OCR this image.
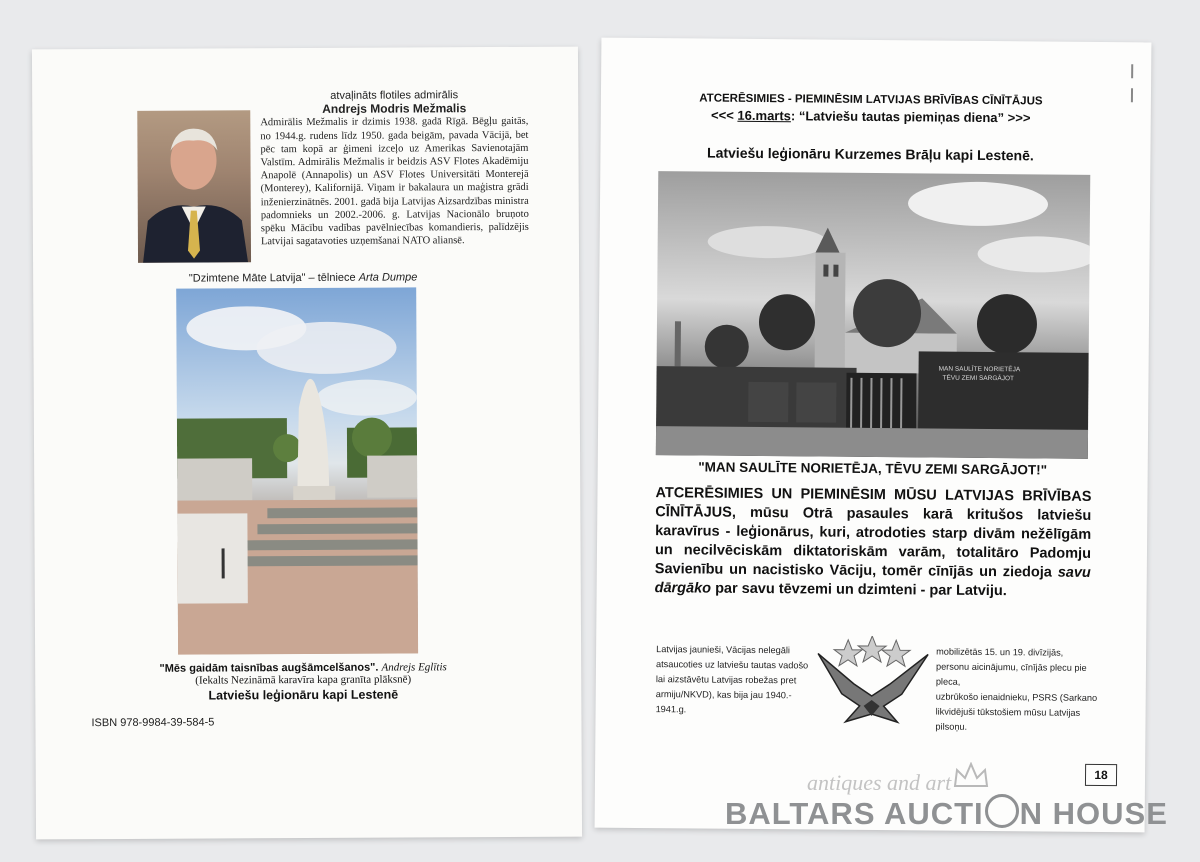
atvaļināts flotiles admirālis
Andrejs Modris Mežmalis
Admirālis Mežmalis ir dzimis 1938. gadā Rīgā. Bēgļu gaitās, no 1944.g. rudens līdz 1950. gada beigām, pavada Vācijā, bet pēc tam kopā ar ģimeni izceļo uz Amerikas Savienotajām Valstīm. Admirālis Mežmalis ir beidzis ASV Flotes Akadēmiju Anapolē (Annapolis) un ASV Flotes Universitāti Monterejā (Monterey), Kalifornijā. Viņam ir bakalaura un maģistra grādi inženierzinātnēs. 2001. gadā bija Latvijas Aizsardzības ministra padomnieks un 2002.-2006. g. Latvijas Nacionālo bruņoto spēku Mācību vadības pavēlniecības komandieris, palīdzējis Latvijai sagatavoties uzņemšanai NATO aliansē.
"Dzimtene Māte Latvija" – tēlniece Arta Dumpe
"Mēs gaidām taisnības augšāmcelšanos". Andrejs Eglītis
(Iekalts Nezināmā karavīra kapa granīta plāksnē)
Latviešu leģionāru kapi Lestenē
ISBN 978-9984-39-584-5
ATCERĒSIMIES - PIEMINĒSIM LATVIJAS BRĪVĪBAS CĪNĪTĀJUS
<<< 16.marts: “Latviešu tautas piemiņas diena” >>>
Latviešu leģionāru Kurzemes Brāļu kapi Lestenē.
MAN SAULĪTE NORIETĒJA
TĒVU ZEMI SARGĀJOT
"MAN SAULĪTE NORIETĒJA, TĒVU ZEMI SARGĀJOT!"
ATCERĒSIMIES UN PIEMINĒSIM MŪSU LATVIJAS BRĪVĪBAS CĪNĪTĀJUS, mūsu Otrā pasaules karā kritušos latviešu karavīrus - leģionārus, kuri, atrodoties starp divām nežēlīgām un necilvēciskām diktatoriskām varām, totalitāro Padomju Savienību un nacistisko Vāciju, tomēr cīnījās un ziedoja savu dārgāko par savu tēvzemi un dzimteni - par Latviju.
Latvijas jaunieši, Vācijas nelegāli
atsaucoties uz latviešu tautas vadošo
lai aizstāvētu Latvijas robežas pret
armiju/NKVD), kas bija jau 1940.- 1941.g.
mobilizētās 15. un 19. divīzijās,
personu aicinājumu, cīnījās plecu pie pleca,
uzbrūkošo ienaidnieku, PSRS (Sarkano
likvidējuši tūkstošiem mūsu Latvijas pilsoņu.
18
antiques and art
BALTARS AUCTI N HOUSE
